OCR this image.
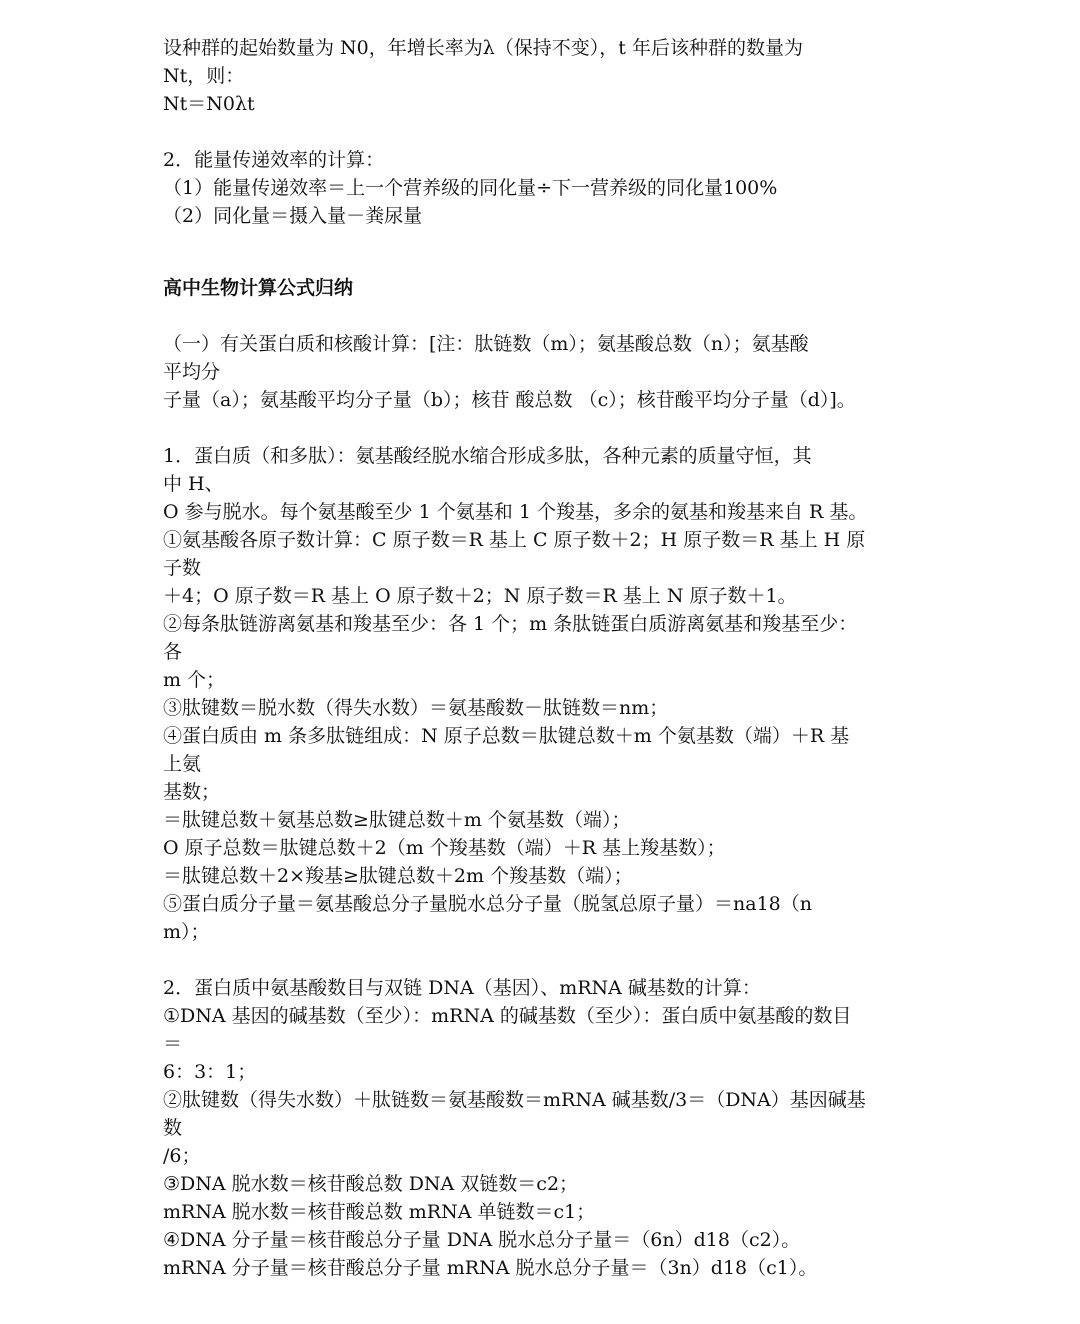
设种群的起始数量为 N0，年增长率为λ（保持不变），t 年后该种群的数量为
Nt，则：
Nt＝N0λt
2．能量传递效率的计算：
（1）能量传递效率＝上一个营养级的同化量÷下一营养级的同化量100%
（2）同化量＝摄入量－粪尿量
高中生物计算公式归纳
（一）有关蛋白质和核酸计算：[注：肽链数（m）；氨基酸总数（n）；氨基酸
平均分
子量（a）；氨基酸平均分子量（b）；核苷 酸总数 （c）；核苷酸平均分子量（d）]。
1．蛋白质（和多肽）：氨基酸经脱水缩合形成多肽，各种元素的质量守恒，其
中 H、
O 参与脱水。每个氨基酸至少 1 个氨基和 1 个羧基，多余的氨基和羧基来自 R 基。
①氨基酸各原子数计算：C 原子数＝R 基上 C 原子数＋2；H 原子数＝R 基上 H 原
子数
＋4；O 原子数＝R 基上 O 原子数＋2；N 原子数＝R 基上 N 原子数＋1。
②每条肽链游离氨基和羧基至少：各 1 个；m 条肽链蛋白质游离氨基和羧基至少：
各
m 个；
③肽键数＝脱水数（得失水数）＝氨基酸数－肽链数＝nm；
④蛋白质由 m 条多肽链组成：N 原子总数＝肽键总数＋m 个氨基数（端）＋R 基
上氨
基数；
＝肽键总数＋氨基总数≥肽键总数＋m 个氨基数（端）；
O 原子总数＝肽键总数＋2（m 个羧基数（端）＋R 基上羧基数）；
＝肽键总数＋2×羧基≥肽键总数＋2m 个羧基数（端）；
⑤蛋白质分子量＝氨基酸总分子量脱水总分子量（脱氢总原子量）＝na18（n
m）；
2．蛋白质中氨基酸数目与双链 DNA（基因）、mRNA 碱基数的计算：
①DNA 基因的碱基数（至少）：mRNA 的碱基数（至少）：蛋白质中氨基酸的数目
＝
6：3：1；
②肽键数（得失水数）＋肽链数＝氨基酸数＝mRNA 碱基数/3＝（DNA）基因碱基
数
/6；
③DNA 脱水数＝核苷酸总数 DNA 双链数＝c2；
mRNA 脱水数＝核苷酸总数 mRNA 单链数＝c1；
④DNA 分子量＝核苷酸总分子量 DNA 脱水总分子量＝（6n）d18（c2）。
mRNA 分子量＝核苷酸总分子量 mRNA 脱水总分子量＝（3n）d18（c1）。
